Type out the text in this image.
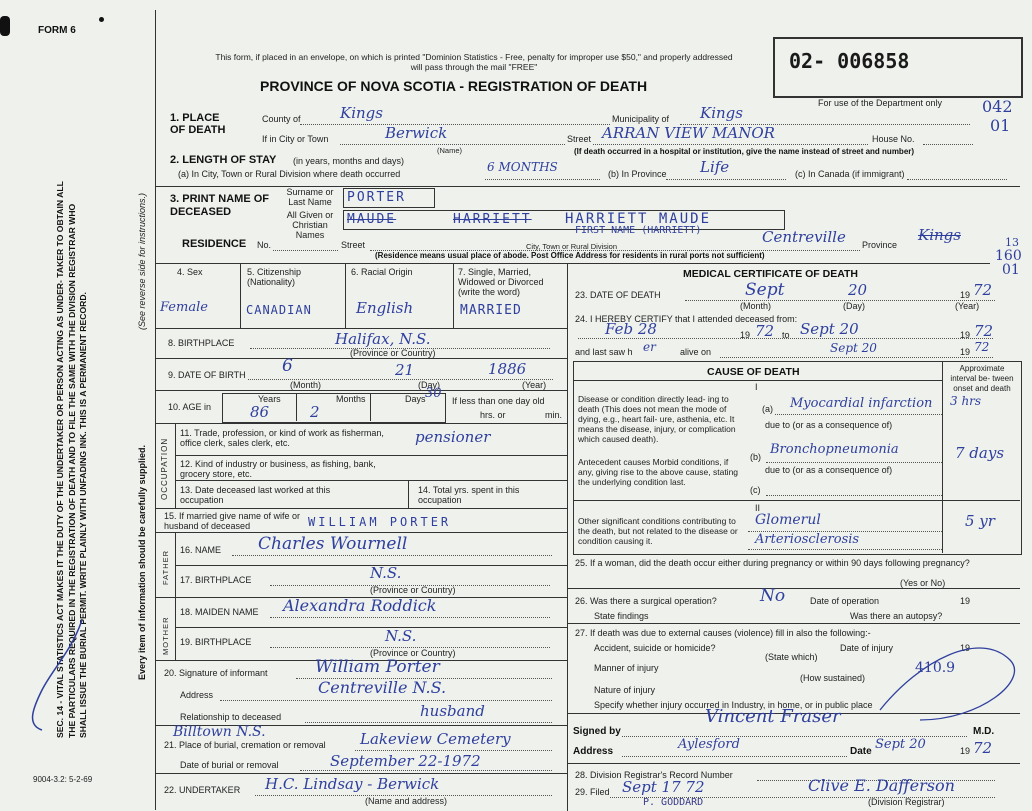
FORM 6
SEC. 14 - VITAL STATISTICS ACT MAKES IT THE DUTY OF THE UNDERTAKER OR PERSON ACTING AS UNDER- TAKER TO OBTAIN ALL THE PARTICULARS REQUIRED IN THE REGISTRATION OF DEATH AND TO FILE THE SAME WITH THE DIVISION REGISTRAR WHO SHALL ISSUE THE BURIAL PERMIT. WRITE PLAINLY WITH UNFADING INK. THIS IS A PERMANENT RECORD.	Every item of information should be carefully supplied.
(See reverse side for instructions.)
9004-3.2: 5-2-69
This form, if placed in an envelope, on which is printed "Dominion Statistics - Free, penalty for improper use $50," and properly addressed will pass through the mail "FREE"
PROVINCE OF NOVA SCOTIA - REGISTRATION OF DEATH
02- 006858
For use of the Department only 042
01
1. PLACE OF DEATH
County of	Kings	Municipality of Kings
If in City or Town	Berwick
(Name)
Street ARRAN VIEW MANOR	House No.
(If death occurred in a hospital or institution, give the name instead of street and number)
2. LENGTH OF STAY (in years, months and days)
(a) In City, Town or Rural Division where death occurred	6 MONTHS	(b) In Province Life	(c) In Canada (if immigrant)
3. PRINT NAME OF DECEASED
Surname or Last Name	PORTER
All Given or Christian Names
MAUDE	HARRIETT HARRIETT MAUDE
FIRST NAME (HARRIETT)
RESIDENCE No.	Street	City, Town or Rural Division
Centreville Province
Kings	13
160
01
(Residence means usual place of abode. Post Office Address for residents in rural ports not sufficient)
4. Sex
Female
5. Citizenship (Nationality)
CANADIAN
6. Racial Origin
English
7. Single, Married, Widowed or Divorced (write the word)
MARRIED
8. BIRTHPLACE	Halifax, N.S.
(Province or Country)
9. DATE OF BIRTH 6
(Month)
21
(Day)
1886
(Year)
10. AGE in
Years
86
Months
2
Days 30 If less than one day old
hrs. or	min.
OCCUPATION
11. Trade, profession, or kind of work as fisherman, office clerk, sales clerk, etc.	pensioner
12. Kind of industry or business, as fishing, bank, grocery store, etc.
13. Date deceased last worked at this occupation
14. Total yrs. spent in this occupation
15. If married give name of wife or husband of deceased	WILLIAM PORTER
FATHER
MOTHER
16. NAME Charles Wournell
17. BIRTHPLACE	N.S.
(Province or Country)
18. MAIDEN NAME Alexandra Roddick
19. BIRTHPLACE	N.S.
(Province or Country)
20. Signature of informant	William Porter
Address	Centreville N.S.
Relationship to deceased	husband
Billtown N.S.
21. Place of burial, cremation or removal Lakeview Cemetery
Date of burial or removal	September 22-1972
22. UNDERTAKER H.C. Lindsay - Berwick
(Name and address)
MEDICAL CERTIFICATE OF DEATH
23. DATE OF DEATH	Sept
(Month)
20
(Day)
19 72
(Year)
24. I HEREBY CERTIFY that I attended deceased from:
Feb 28	19 72 to Sept 20	19 72
and last saw h er	alive on	Sept 20	19 72
CAUSE OF DEATH	Approximate interval be- tween onset and death
I
Disease or condition directly lead- ing to death (This does not mean the mode of dying, e.g., heart fail- ure, asthenia, etc. It means the disease, injury, or complication which caused death).
(a) Myocardial infarction 3 hrs
due to (or as a consequence of)
Antecedent causes Morbid conditions, if any, giving rise to the above cause, stating the underlying condition last.
(b) Bronchopneumonia	7 days
due to (or as a consequence of)
(c)
II
Other significant conditions contributing to the death, but not related to the disease or condition causing it.
Glomerul	5 yr
Arteriosclerosis
25. If a woman, did the death occur either during pregnancy or within 90 days following pregnancy?
(Yes or No)
26. Was there a surgical operation?	No	Date of operation	19
State findings	Was there an autopsy?
27. If death was due to external causes (violence) fill in also the following:-
Accident, suicide or homicide?
(State which)
Date of injury	19
Manner of injury	410.9
(How sustained)
Nature of injury
Specify whether injury occurred in Industry, in home, or in public place
Signed by
Vincent Fraser
M.D.
Address	Aylesford	Date Sept 20	19 72
28. Division Registrar's Record Number
29. Filed Sept 17 72	Clive E. Dafferson
(Division Registrar)
P. GODDARD
